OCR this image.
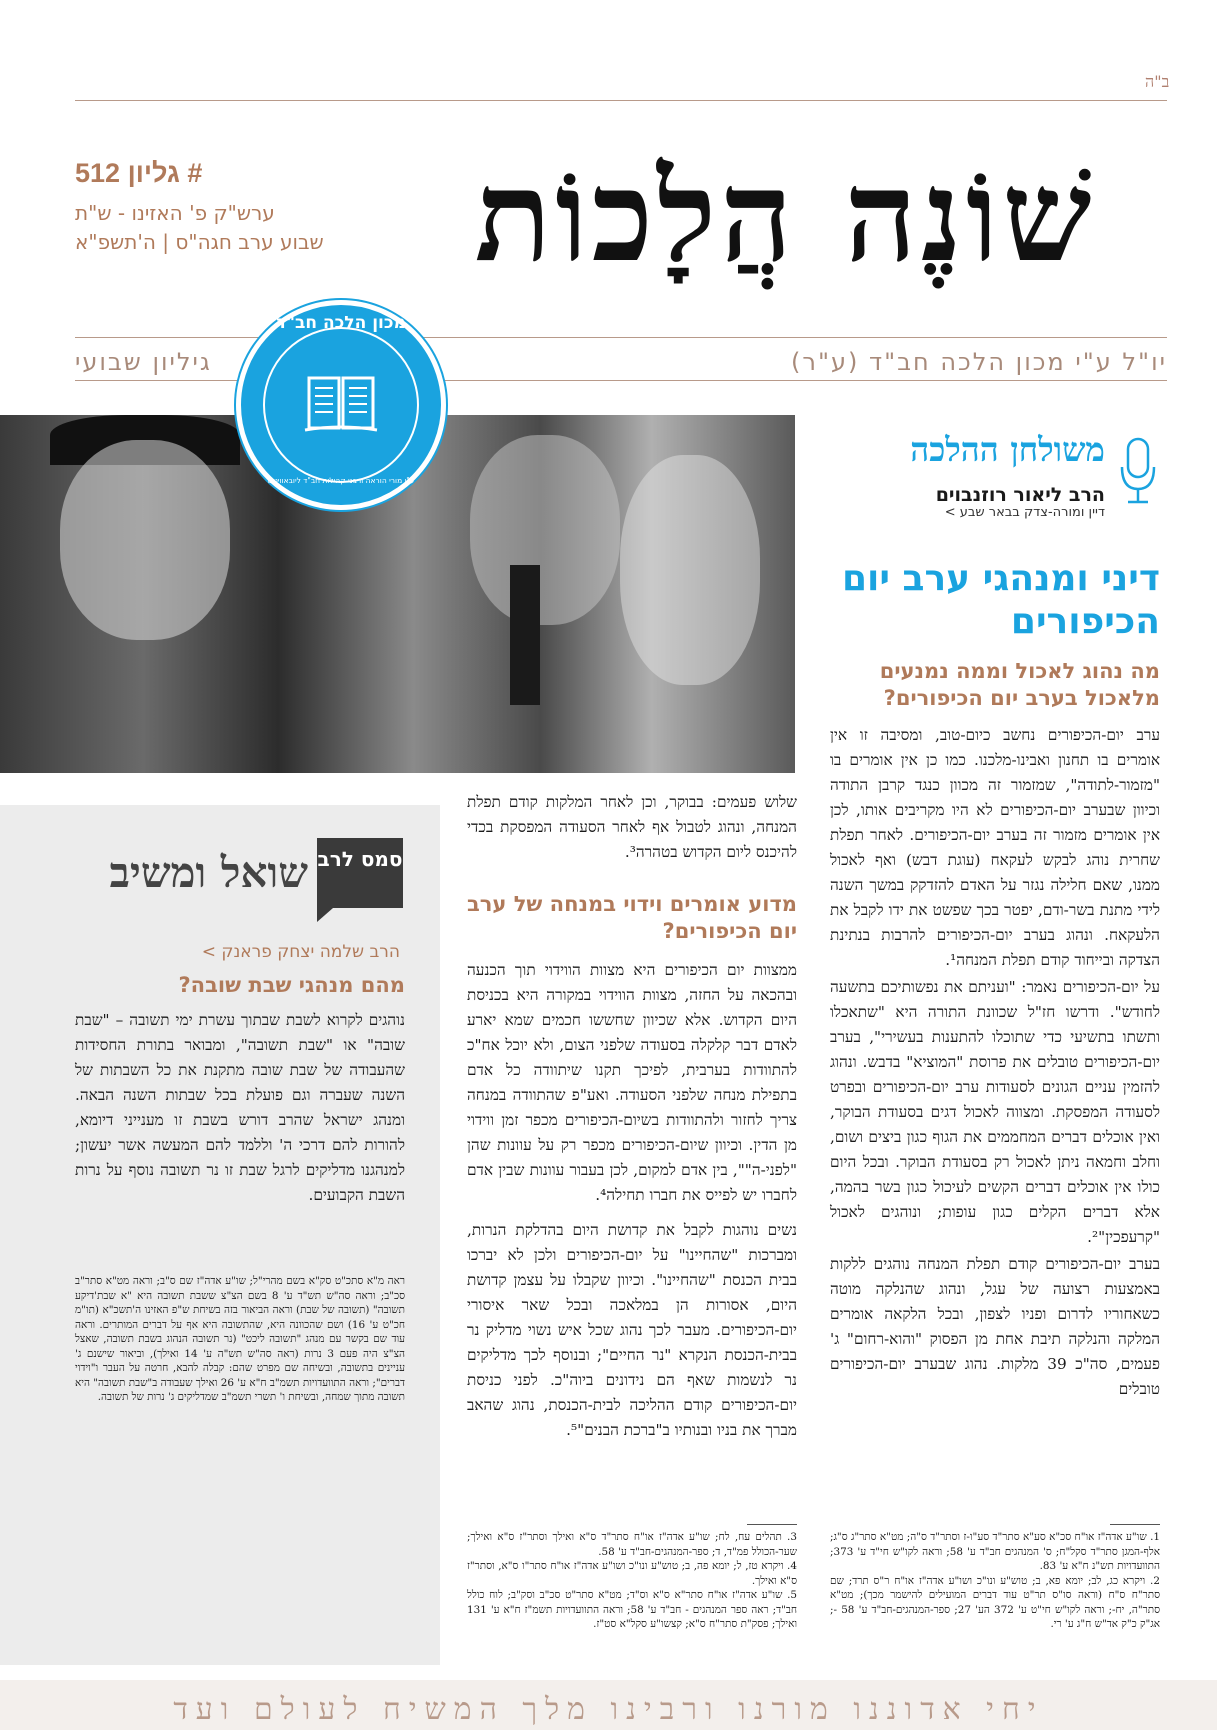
ב"ה
שׁוֹנֶה הֲלָכוֹת
# גליון 512
ערש"ק פ' האזינו - ש"ת
שבוע ערב חגה"ס | ה'תשפ"א
גיליון שבועי	יו"ל ע"י מכון הלכה חב"ד (ע"ר)
מכון הלכה חב"ד
ע"י מורי הוראה ורבני קהילות חב"ד ליובאוויטש
משולחן ההלכה
הרב ליאור רוזנבוים
דיין ומורה-צדק בבאר שבע >
דיני ומנהגי ערב יום הכיפורים
מה נהוג לאכול וממה נמנעים מלאכול בערב יום הכיפורים?

ערב יום-הכיפורים נחשב כיום-טוב, ומסיבה זו אין אומרים בו תחנון ואבינו-מלכנו. כמו כן אין אומרים בו "מזמור-לתודה", שמזמור זה מכוון כנגד קרבן התודה וכיוון שבערב יום-הכיפורים לא היו מקריבים אותו, לכן אין אומרים מזמור זה בערב יום-הכיפורים. לאחר תפלת שחרית נוהג לבקש לעקאח (עוגת דבש) ואף לאכול ממנו, שאם חלילה נגזר על האדם להזדקק במשך השנה לידי מתנת בשר-ודם, יפטר בכך שפשט את ידו לקבל את הלעקאח. ונהוג בערב יום-הכיפורים להרבות בנתינת הצדקה ובייחוד קודם תפלת המנחה¹.

על יום-הכיפורים נאמר: "ועניתם את נפשותיכם בתשעה לחודש". ודרשו חז"ל שכוונת התורה היא "שתאכלו ותשתו בתשיעי כדי שתוכלו להתענות בעשירי", בערב יום-הכיפורים טובלים את פרוסת "המוציא" בדבש. ונהוג להזמין עניים הגונים לסעודות ערב יום-הכיפורים ובפרט לסעודה המפסקת. ומצווה לאכול דגים בסעודת הבוקר, ואין אוכלים דברים המחממים את הגוף כגון ביצים ושום, וחלב וחמאה ניתן לאכול רק בסעודת הבוקר. ובכל היום כולו אין אוכלים דברים הקשים לעיכול כגון בשר בהמה, אלא דברים הקלים כגון עופות; ונוהגים לאכול "קרעפכין"².

בערב יום-הכיפורים קודם תפלת המנחה נוהגים ללקות באמצעות רצועה של עגל, ונהוג שהנלקה מוטה כשאחוריו לדרום ופניו לצפון, ובכל הלקאה אומרים המלקה והנלקה תיבת אחת מן הפסוק "והוא-רחום" ג' פעמים, סה"כ 39 מלקות. נהוג שבערב יום-הכיפורים טובלים

1. שו"ע אדה"ז או"ח סכ"א סע"א סתר"ד סע"ו-ז וסתר"ד ס"ה; מט"א סתר"ג ס"ג; אלף-המגן סתר"ד סקל"ח; ס' המנהגים חב"ד ע' 58; וראה לקו"ש חי"ד ע' 373; התוועדויות תש"נ ח"א ע' 83.

2. ויקרא כג, לב; יומא פא, ב; טוש"ע ונו"כ ושו"ע אדה"ז או"ח ר"ס תרד; שם סתר"ח ס"ח (וראה סו"ס תר"ט עוד דברים המועילים להישמר מכך); מט"א סתר"ה, יח-; וראה לקו"ש חי"ט ע' 372 הע' 27; ספר-המנהגים-חב"ד ע' 58 -; אג"ק כ"ק אד"ש ח"ג ע' רי.

שלוש פעמים: בבוקר, וכן לאחר המלקות קודם תפלת המנחה, ונהוג לטבול אף לאחר הסעודה המפסקת בכדי להיכנס ליום הקדוש בטהרה³.

מדוע אומרים וידוי במנחה של ערב יום הכיפורים?

ממצוות יום הכיפורים היא מצוות הווידוי תוך הכנעה ובהכאה על החזה, מצוות הווידוי במקורה היא בכניסת היום הקדוש. אלא שכיוון שחששו חכמים שמא יארע לאדם דבר קלקלה בסעודה שלפני הצום, ולא יוכל אח"כ להתוודות בערבית, לפיכך תקנו שיתוודה כל אדם בתפילת מנחה שלפני הסעודה. ואע"פ שהתוודה במנחה צריך לחזור ולהתוודות בשיום-הכיפורים מכפר זמן ווידוי מן הדין. וכיוון שיום-הכיפורים מכפר רק על עוונות שהן "לפני-ה"", בין אדם למקום, לכן בעבור עוונות שבין אדם לחברו יש לפייס את חברו תחילה⁴.

נשים נוהגות לקבל את קדושת היום בהדלקת הנרות, ומברכות "שהחיינו" על יום-הכיפורים ולכן לא יברכו בבית הכנסת "שהחיינו". וכיוון שקבלו על עצמן קדושת היום, אסורות הן במלאכה ובכל שאר איסורי יום-הכיפורים. מעבר לכך נהוג שכל איש נשוי מדליק נר בבית-הכנסת הנקרא "נר החיים"; ובנוסף לכך מדליקים נר לנשמות שאף הם נידונים ביוה"כ. לפני כניסת יום-הכיפורים קודם ההליכה לבית-הכנסת, נהוג שהאב מברך את בניו ובנותיו ב"ברכת הבנים"⁵.

3. תהלים עח, לח; שו"ע אדה"ז או"ח סתר"ד ס"א ואילך וסתר"ז ס"א ואילך; שער-הכולל פמ"ד, ד; ספר-המנהגים-חב"ד ע' 58.

4. ויקרא טז, ל; יומא פה, ב; טוש"ע ונו"כ ושו"ע אדה"ז או"ח סתר"ו ס"א, וסתר"ז ס"א ואילך.

5. שו"ע אדה"ז או"ח סתר"א ס"א וס"ד; מט"א סתר"ט סכ"ב וסק"ב; לוח כולל חב"ד; ראה ספר המנהגים - חב"ד ע' 58; וראה התוועדויות תשמ"ז ח"א ע' 131 ואילך; פסק"ת סתר"ח ס"א; קצשו"ע סקל"א סט"ז.

סמס לרב
שואל ומשיב
הרב שלמה יצחק פראנק >
מהם מנהגי שבת שובה?

נוהגים לקרוא לשבת שבתוך עשרת ימי תשובה – "שבת שובה" או "שבת תשובה", ומבואר בתורת החסידות שהעבודה של שבת שובה מתקנת את כל השבתות של השנה שעברה וגם פועלת בכל שבתות השנה הבאה. ומנהג ישראל שהרב דורש בשבת זו מענייני דיומא, להורות להם דרכי ה' וללמד להם המעשה אשר יעשון; למנהגנו מדליקים לרגל שבת זו נר תשובה נוסף על נרות השבת הקבועים.

ראה מ"א סתכ"ט סק"א בשם מהרי"ל; שו"ע אדה"ז שם ס"ב; וראה מט"א סתר"ב סכ"ב; וראה סה"ש תש"ד ע' 8 בשם הצ"צ ששבת תשובה היא "א שבת'דיקע תשובה" (תשובה של שבת) וראה הביאור בזה בשיחת ש"פ האזינו ה'תשכ"א (תו"מ חכ"ט ע' 16) ושם שהכוונה היא, שהתשובה היא אף על דברים המותרים. וראה עוד שם בקשר עם מנהג "תשובה ליכט" (נר תשובה הנהוג בשבת תשובה, שאצל הצ"צ היה פעם 3 נרות (ראה סה"ש תש"ה ע' 14 ואילך), וביאור שישנם ג' עניינים בתשובה, ובשיחה שם מפרט שהם: קבלה להבא, חרטה על העבר ו"וידוי דברים"; וראה התוועדויות תשמ"ב ח"א ע' 26 ואילך שעבודה ב"שבת תשובה" היא תשובה מתוך שמחה, ובשיחת ו' תשרי תשמ"ב שמדליקים ג' נרות של תשובה.

יחי אדוננו מורנו ורבינו מלך המשיח לעולם ועד
